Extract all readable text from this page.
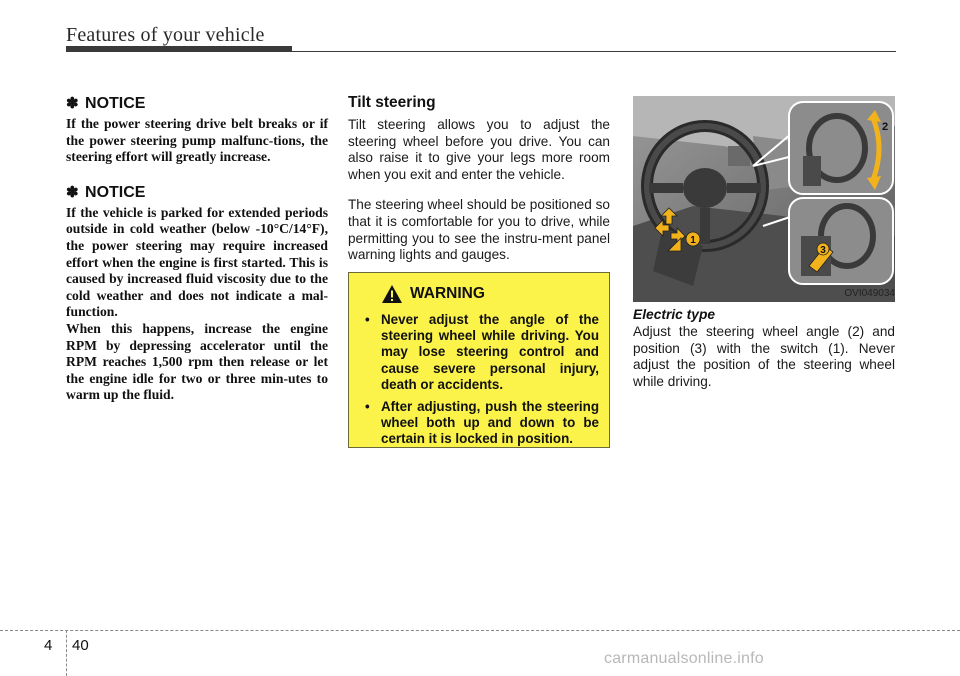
Features of your vehicle
✽ NOTICE
If the power steering drive belt breaks or if the power steering pump malfunc-tions, the steering effort will greatly increase.
✽ NOTICE
If the vehicle is parked for extended periods outside in cold weather (below -10°C/14°F), the power steering may require increased effort when the engine is first started. This is caused by increased fluid viscosity due to the cold weather and does not indicate a mal-function.
When this happens, increase the engine RPM by depressing accelerator until the RPM reaches 1,500 rpm then release or let the engine idle for two or three min-utes to warm up the fluid.
Tilt steering
Tilt steering allows you to adjust the steering wheel before you drive. You can also raise it to give your legs more room when you exit and enter the vehicle.
The steering wheel should be positioned so that it is comfortable for you to drive, while permitting you to see the instru-ment panel warning lights and gauges.
WARNING
• Never adjust the angle of the steering wheel while driving. You may lose steering control and cause severe personal injury, death or accidents.
• After adjusting, push the steering wheel both up and down to be certain it is locked in position.
1
2
3
OVI049034
Electric type
Adjust the steering wheel angle (2) and position (3) with the switch (1). Never adjust the position of the steering wheel while driving.
4 40
carmanualsonline.info
